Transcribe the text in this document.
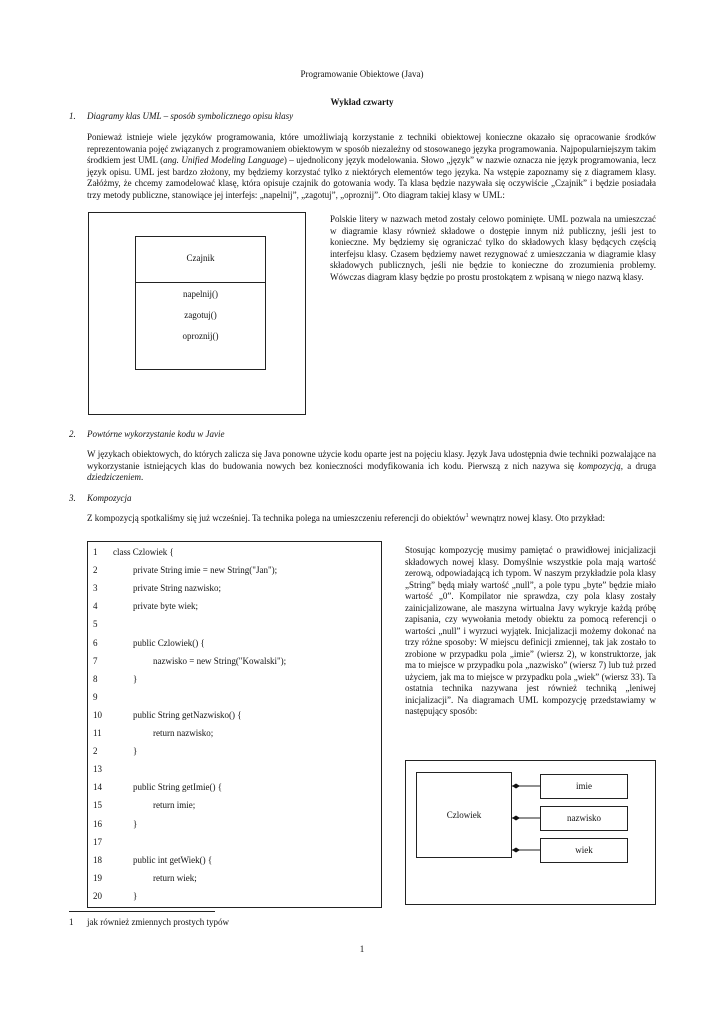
Programowanie Obiektowe (Java)
Wykład czwarty
1. Diagramy klas UML – sposób symbolicznego opisu klasy
Ponieważ istnieje wiele języków programowania, które umożliwiają korzystanie z techniki obiektowej konieczne okazało się opracowanie środków reprezentowania pojęć związanych z programowaniem obiektowym w sposób niezależny od stosowanego języka programowania. Najpopularniejszym takim środkiem jest UML (ang. Unified Modeling Language) – ujednolicony język modelowania. Słowo „język” w nazwie oznacza nie język programowania, lecz język opisu. UML jest bardzo złożony, my będziemy korzystać tylko z niektórych elementów tego języka. Na wstępie zapoznamy się z diagramem klasy. Załóżmy, że chcemy zamodelować klasę, która opisuje czajnik do gotowania wody. Ta klasa będzie nazywała się oczywiście „Czajnik” i będzie posiadała trzy metody publiczne, stanowiące jej interfejs: „napelnij”, „zagotuj”, „oproznij”. Oto diagram takiej klasy w UML:
Czajnik
napelnij()
zagotuj()
oproznij()
Polskie litery w nazwach metod zostały celowo pominięte. UML pozwala na umieszczać w diagramie klasy również składowe o dostępie innym niż publiczny, jeśli jest to konieczne. My będziemy się ograniczać tylko do składowych klasy będących częścią interfejsu klasy. Czasem będziemy nawet rezygnować z umieszczania w diagramie klasy składowych publicznych, jeśli nie będzie to konieczne do zrozumienia problemy. Wówczas diagram klasy będzie po prostu prostokątem z wpisaną w niego nazwą klasy.
2. Powtórne wykorzystanie kodu w Javie
W językach obiektowych, do których zalicza się Java ponowne użycie kodu oparte jest na pojęciu klasy. Język Java udostępnia dwie techniki pozwalające na wykorzystanie istniejących klas do budowania nowych bez konieczności modyfikowania ich kodu. Pierwszą z nich nazywa się kompozycją, a druga dziedziczeniem.
3. Kompozycja
Z kompozycją spotkaliśmy się już wcześniej. Ta technika polega na umieszczeniu referencji do obiektów$^1$ wewnątrz nowej klasy. Oto przykład:
1 class Czlowiek {
2	private String imie = new String("Jan");
3	private String nazwisko;
4	private byte wiek;
5
6	public Czlowiek() {
7	nazwisko = new String("Kowalski");
8	}
9
10	public String getNazwisko() {
11	return nazwisko;
2	}
13
14	public String getImie() {
15	return imie;
16	}
17
18	public int getWiek() {
19	return wiek;
20	}
Stosując kompozycję musimy pamiętać o prawidłowej inicjalizacji składowych nowej klasy. Domyślnie wszystkie pola mają wartość zerową, odpowiadającą ich typom. W naszym przykładzie pola klasy „String” będą miały wartość „null”, a pole typu „byte” będzie miało wartość „0”. Kompilator nie sprawdza, czy pola klasy zostały zainicjalizowane, ale maszyna wirtualna Javy wykryje każdą próbę zapisania, czy wywołania metody obiektu za pomocą referencji o wartości „null” i wyrzuci wyjątek. Inicjalizacji możemy dokonać na trzy różne sposoby: W miejscu definicji zmiennej, tak jak zostało to zrobione w przypadku pola „imie” (wiersz 2), w konstruktorze, jak ma to miejsce w przypadku pola „nazwisko” (wiersz 7) lub tuż przed użyciem, jak ma to miejsce w przypadku pola „wiek” (wiersz 33). Ta ostatnia technika nazywana jest również techniką „leniwej inicjalizacji”. Na diagramach UML kompozycję przedstawiamy w następujący sposób:
Czlowiek
imie
nazwisko
wiek
1 jak również zmiennych prostych typów
1
